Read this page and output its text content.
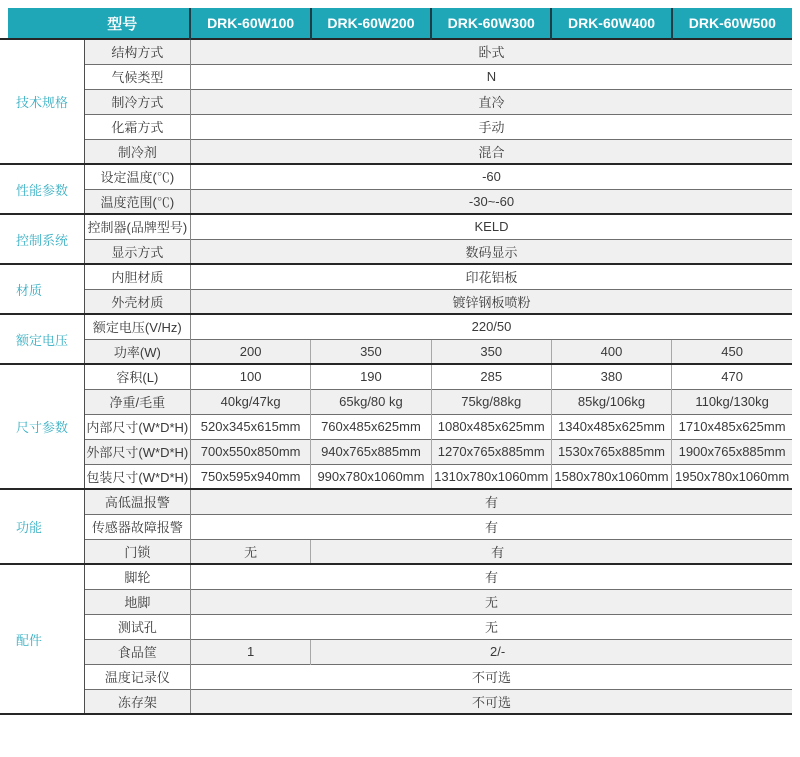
型号		DRK-60W100	DRK-60W200	DRK-60W300	DRK-60W400	DRK-60W500
技术规格	结构方式	卧式				
	气候类型	N				
	制冷方式	直冷				
	化霜方式	手动				
	制冷剂	混合				
性能参数	设定温度(℃)	-60				
	温度范围(℃)	-30~-60				
控制系统	控制器(品牌型号)	KELD				
	显示方式	数码显示				
材质	内胆材质	印花铝板				
	外壳材质	镀锌钢板喷粉				
额定电压	额定电压(V/Hz)	220/50				
	功率(W)	200	350	350	400	450
尺寸参数	容积(L)	100	190	285	380	470
	净重/毛重	40kg/47kg	65kg/80 kg	75kg/88kg	85kg/106kg	110kg/130kg
	内部尺寸(W*D*H)	520x345x615mm	760x485x625mm	1080x485x625mm	1340x485x625mm	1710x485x625mm
	外部尺寸(W*D*H)	700x550x850mm	940x765x885mm	1270x765x885mm	1530x765x885mm	1900x765x885mm
	包装尺寸(W*D*H)	750x595x940mm	990x780x1060mm	1310x780x1060mm	1580x780x1060mm	1950x780x1060mm
功能	高低温报警	有				
	传感器故障报警	有				
	门锁	无	有			
配件	脚轮	有				
	地脚	无				
	测试孔	无				
	食品筐	1	2/-			
	温度记录仪	不可选				
	冻存架	不可选				
